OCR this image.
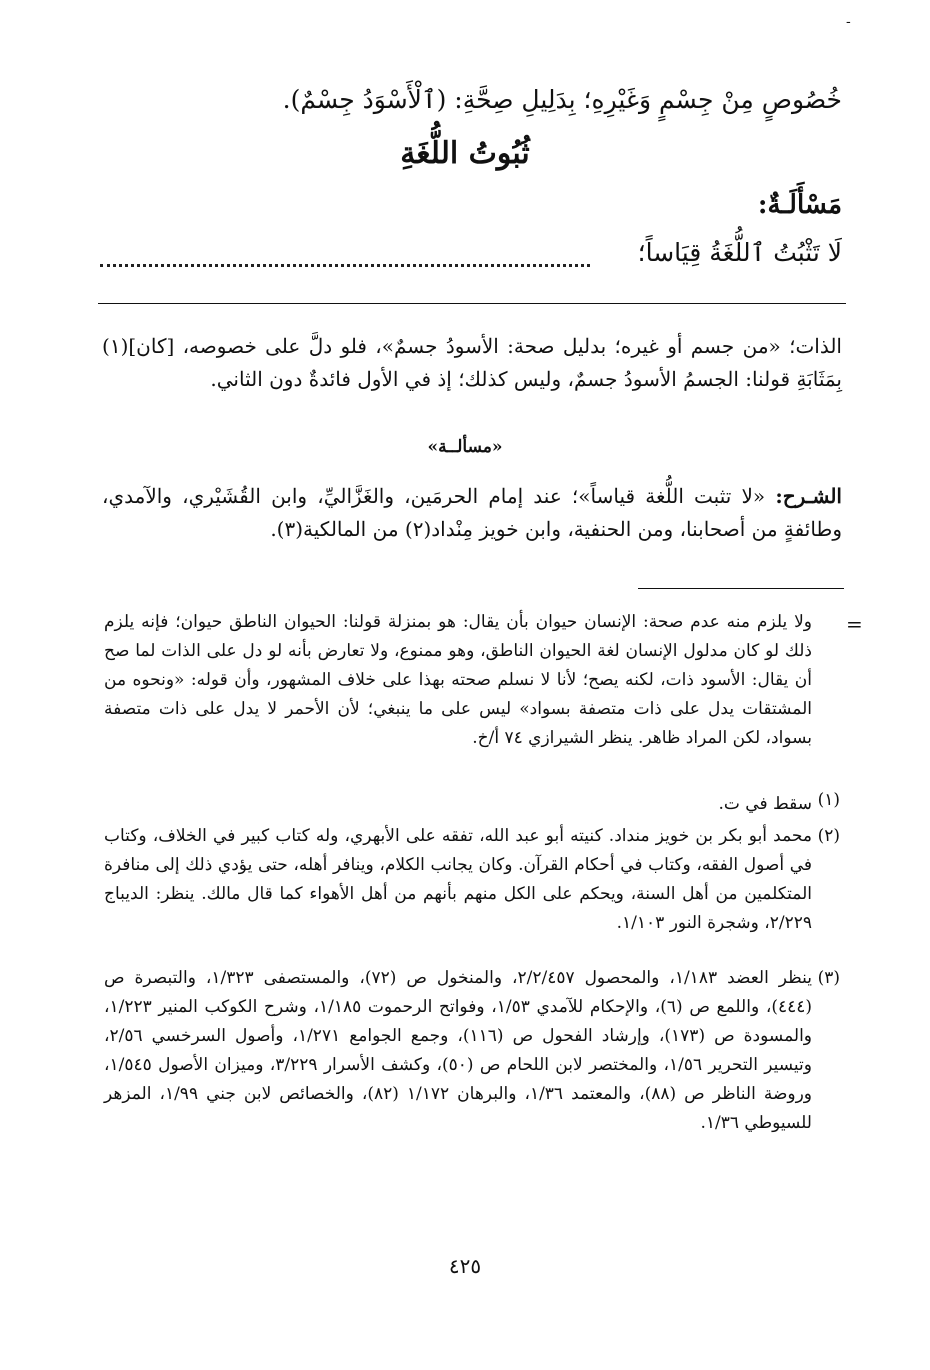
-
خُصُوصٍ مِنْ جِسْمٍ وَغَيْرِهِ؛ بِدَلِيلِ صِحَّةِ: (ٱلْأَسْوَدُ جِسْمٌ).
ثُبُوتُ اللُّغَةِ
مَسْأَلَـةٌ:
لَا تَثْبُتُ ٱللُّغَةُ قِيَاساً؛
الذات؛ «من جسم أو غيره؛ بدليل صحة: الأسودُ جسمٌ»، فلو دلَّ على خصوصه، [كان](١) بِمَثَابَةِ قولنا: الجسمُ الأسودُ جسمٌ، وليس كذلك؛ إذ في الأول فائدةٌ دون الثاني.
«مسألــة»
الشـرح: «لا تثبت اللُّغة قياساً»؛ عند إمام الحرمَين، والغَزَّاليِّ، وابن القُشَيْري، والآمدي، وطائفةٍ من أصحابنا، ومن الحنفية، وابن خويز مِنْداد(٢) من المالكية(٣).
=
ولا يلزم منه عدم صحة: الإنسان حيوان بأن يقال: هو بمنزلة قولنا: الحيوان الناطق حيوان؛ فإنه يلزم ذلك لو كان مدلول الإنسان لغة الحيوان الناطق، وهو ممنوع، ولا تعارض بأنه لو دل على الذات لما صح أن يقال: الأسود ذات، لكنه يصح؛ لأنا لا نسلم صحته بهذا على خلاف المشهور، وأن قوله: «ونحوه من المشتقات يدل على ذات متصفة بسواد» ليس على ما ينبغي؛ لأن الأحمر لا يدل على ذات متصفة بسواد، لكن المراد ظاهر. ينظر الشيرازي ٧٤ أ/خ.
(١)
سقط في ت.
(٢)
محمد أبو بكر بن خويز منداد. كنيته أبو عبد الله، تفقه على الأبهري، وله كتاب كبير في الخلاف، وكتاب في أصول الفقه، وكتاب في أحكام القرآن. وكان يجانب الكلام، وينافر أهله، حتى يؤدي ذلك إلى منافرة المتكلمين من أهل السنة، ويحكم على الكل منهم بأنهم من أهل الأهواء كما قال مالك. ينظر: الديباج ٢/٢٢٩، وشجرة النور ١/١٠٣.
(٣)
ينظر العضد ١/١٨٣، والمحصول ٢/٢/٤٥٧، والمنخول ص (٧٢)، والمستصفى ١/٣٢٣، والتبصرة ص (٤٤٤)، واللمع ص (٦)، والإحكام للآمدي ١/٥٣، وفواتح الرحموت ١/١٨٥، وشرح الكوكب المنير ١/٢٢٣، والمسودة ص (١٧٣)، وإرشاد الفحول ص (١١٦)، وجمع الجوامع ١/٢٧١، وأصول السرخسي ٢/٥٦، وتيسير التحرير ١/٥٦، والمختصر لابن اللحام ص (٥٠)، وكشف الأسرار ٣/٢٢٩، وميزان الأصول ١/٥٤٥، وروضة الناظر ص (٨٨)، والمعتمد ١/٣٦، والبرهان ١/١٧٢ (٨٢)، والخصائص لابن جني ١/٩٩، المزهر للسيوطي ١/٣٦.
٤٢٥
